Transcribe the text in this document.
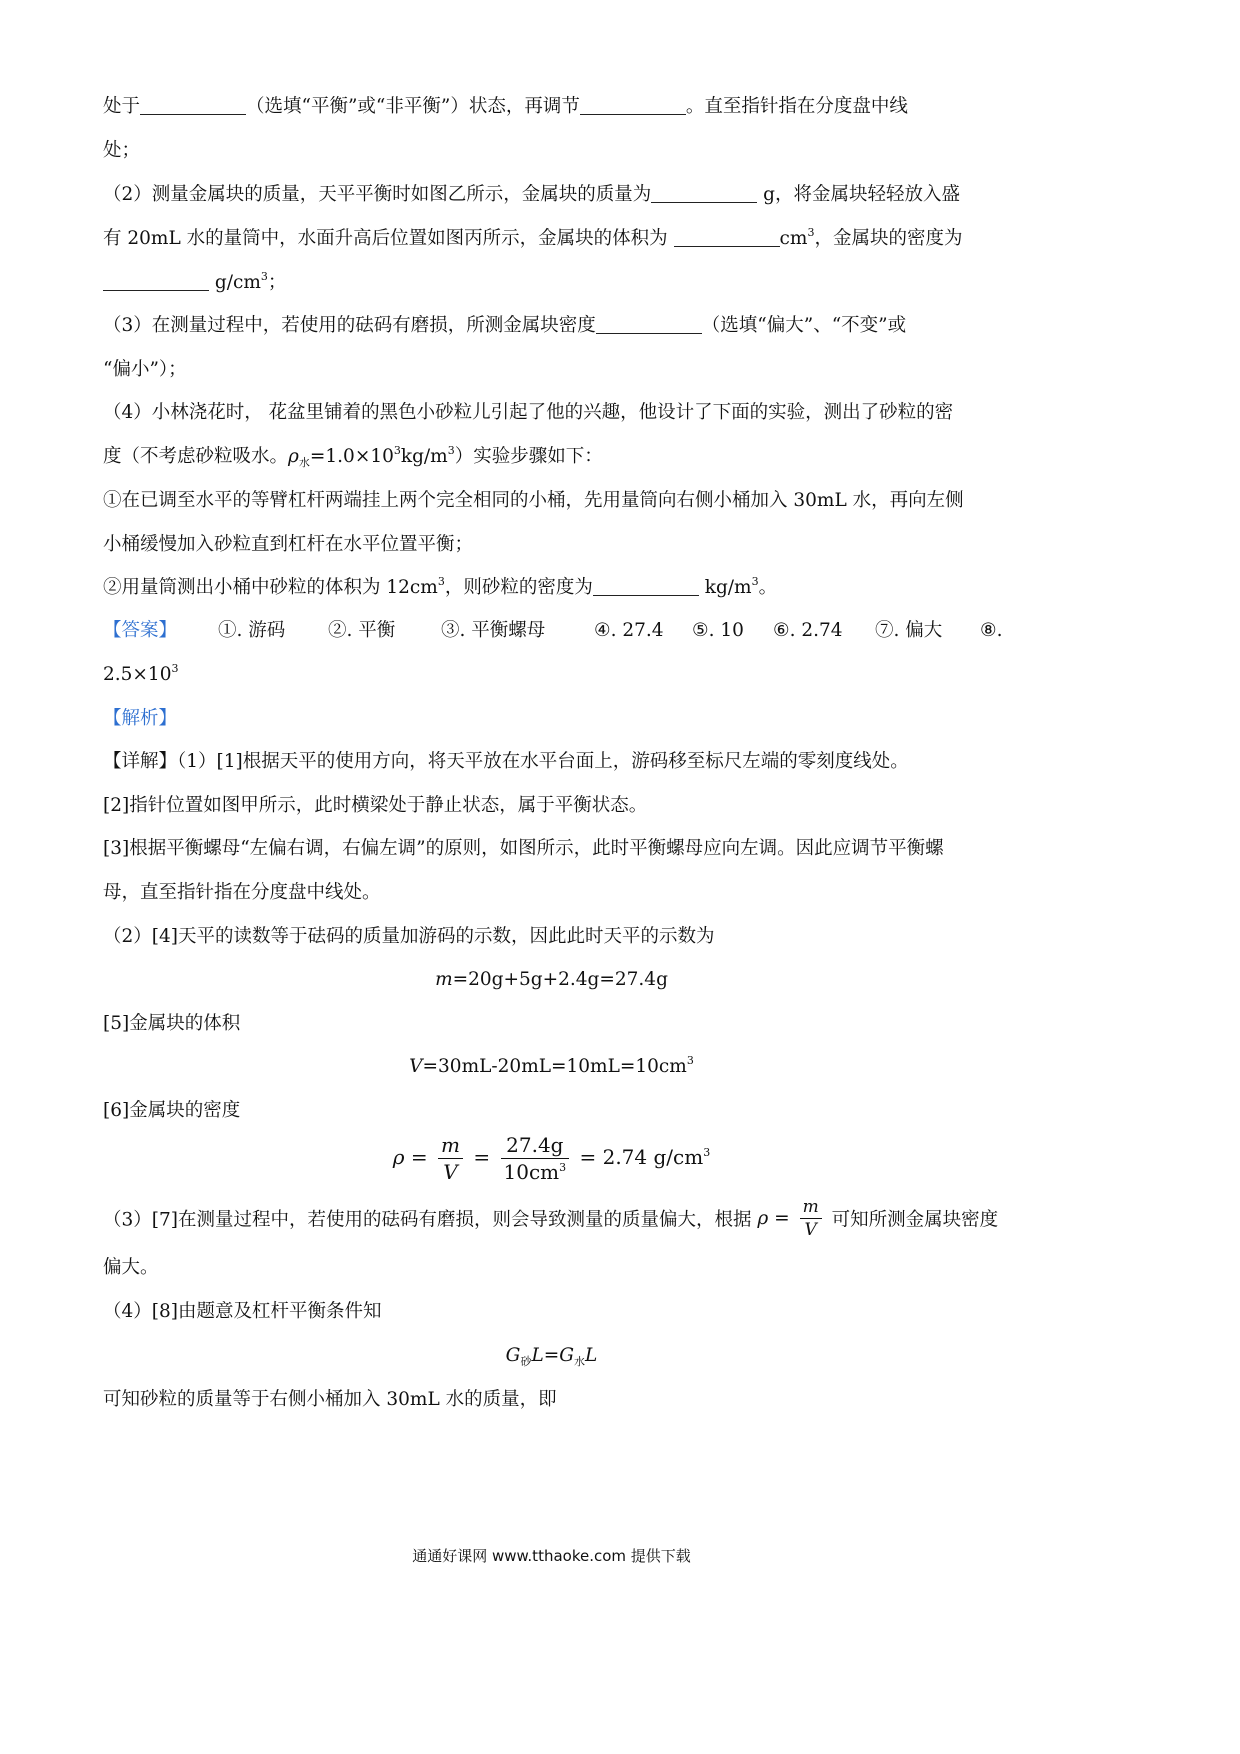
处于	（选填“平衡”或“非平衡”）状态，再调节	。直至指针指在分度盘中线
处；
（2）测量金属块的质量，天平平衡时如图乙所示，金属块的质量为	g，将金属块轻轻放入盛
有 20mL 水的量筒中，水面升高后位置如图丙所示，金属块的体积为	$cm^3$，金属块的密度为
$g/cm^3$；
（3）在测量过程中，若使用的砝码有磨损，所测金属块密度	（选填“偏大”、“不变”或
“偏小”）；
（4）小林浇花时， 花盆里铺着的黑色小砂粒儿引起了他的兴趣，他设计了下面的实验，测出了砂粒的密
度（不考虑砂粒吸水。$\rho_水=1.0\times 10^3kg/m^3$）实验步骤如下：
①在已调至水平的等臂杠杆两端挂上两个完全相同的小桶，先用量筒向右侧小桶加入 30mL 水，再向左侧
小桶缓慢加入砂粒直到杠杆在水平位置平衡；
②用量筒测出小桶中砂粒的体积为 $12cm^3$，则砂粒的密度为	$kg/m^3$。
【答案】 ①. 游码 ②. 平衡 ③. 平衡螺母	④. 27.4 ⑤. 10 ⑥. 2.74 ⑦. 偏大 ⑧.
$2.5\times 10^3$
【解析】
【详解】（1）[1]根据天平的使用方向，将天平放在水平台面上，游码移至标尺左端的零刻度线处。
[2]指针位置如图甲所示，此时横梁处于静止状态，属于平衡状态。
[3]根据平衡螺母“左偏右调，右偏左调”的原则，如图所示，此时平衡螺母应向左调。因此应调节平衡螺
母，直至指针指在分度盘中线处。
（2）[4]天平的读数等于砝码的质量加游码的示数，因此此时天平的示数为
m=20g+5g+2.4g=27.4g
[5]金属块的体积
$V=30mL-20mL=10mL=10cm^3$
[6]金属块的密度
$\rho = \frac{m}{V} = \frac{27.4g}{10cm^3} = 2.74$ $g/cm^3$
（3）[7]在测量过程中，若使用的砝码有磨损，则会导致测量的质量偏大，根据 $\rho = \frac{m}{V}$ 可知所测金属块密度
偏大。
（4）[8]由题意及杠杆平衡条件知
$G_砂L=G_水L$
可知砂粒的质量等于右侧小桶加入 30mL 水的质量，即
通通好课网 www.tthaoke.com 提供下载
